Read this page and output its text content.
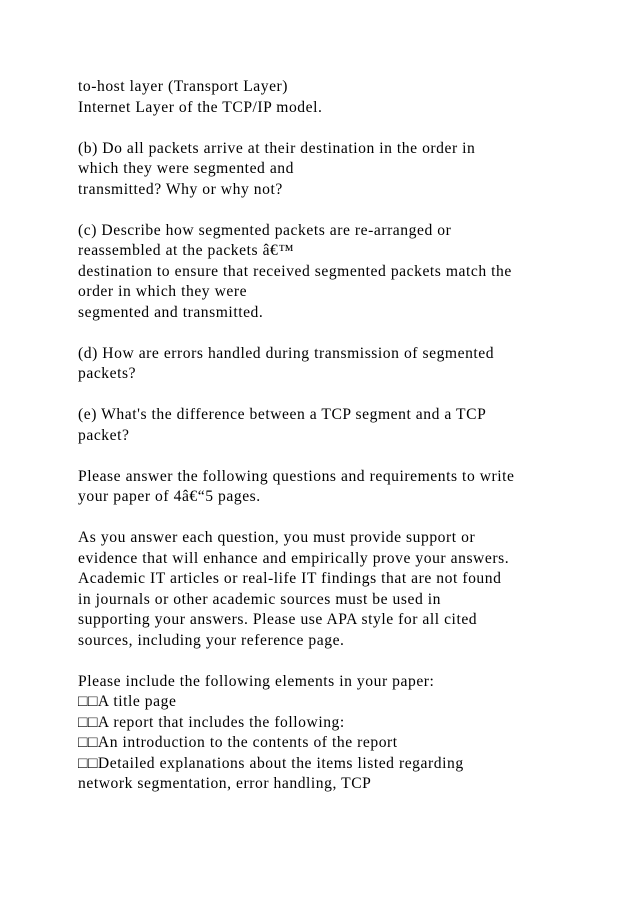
to-host layer (Transport Layer)
Internet Layer of the TCP/IP model.
(b) Do all packets arrive at their destination in the order in
which they were segmented and
transmitted? Why or why not?
(c) Describe how segmented packets are re-arranged or
reassembled at the packets â€™
destination to ensure that received segmented packets match the
order in which they were
segmented and transmitted.
(d) How are errors handled during transmission of segmented
packets?
(e) What's the difference between a TCP segment and a TCP
packet?
Please answer the following questions and requirements to write
your paper of 4â€“5 pages.
As you answer each question, you must provide support or
evidence that will enhance and empirically prove your answers.
Academic IT articles or real-life IT findings that are not found
in journals or other academic sources must be used in
supporting your answers. Please use APA style for all cited
sources, including your reference page.
Please include the following elements in your paper:
□□A title page
□□A report that includes the following:
□□An introduction to the contents of the report
□□Detailed explanations about the items listed regarding
network segmentation, error handling, TCP
